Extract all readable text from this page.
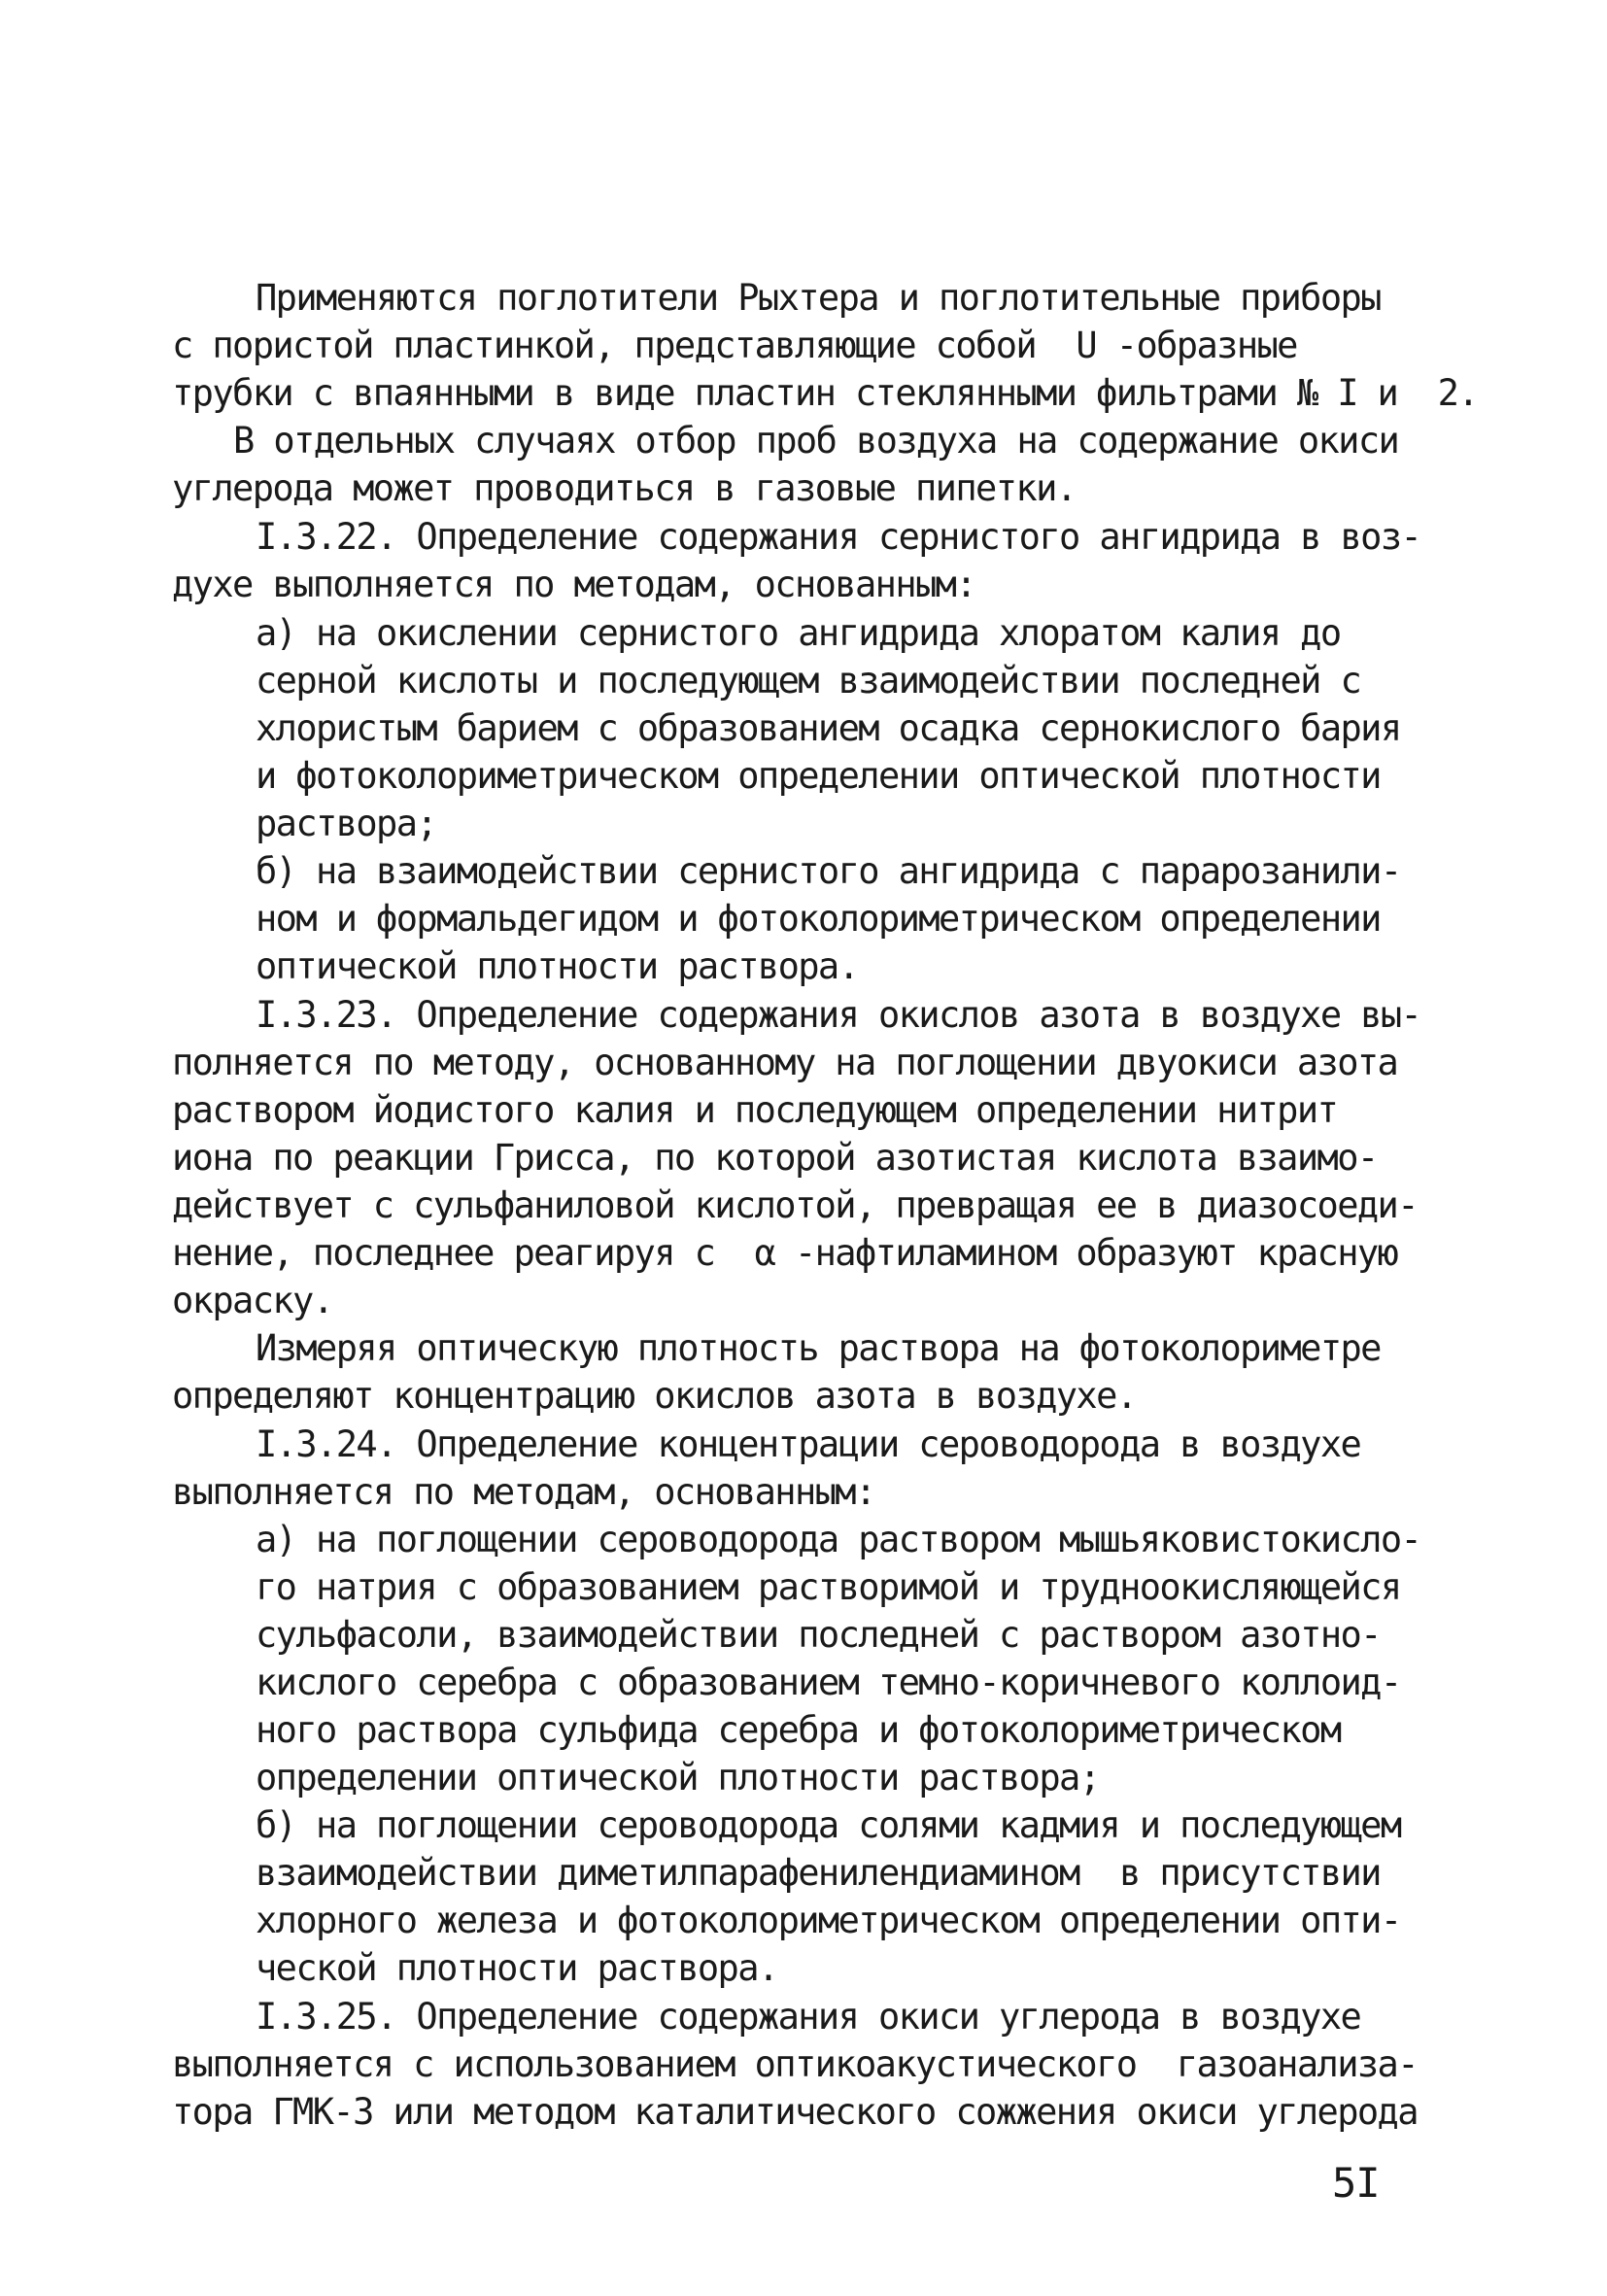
Применяются поглотители Рыхтера и поглотительные приборы
с пористой пластинкой, представляющие собой  U -образные
трубки с впаянными в виде пластин стеклянными фильтрами № I и  2.
В отдельных случаях отбор проб воздуха на содержание окиси
углерода может проводиться в газовые пипетки.
I.3.22. Определение содержания сернистого ангидрида в воз-
духе выполняется по методам, основанным:
а) на окислении сернистого ангидрида хлоратом калия до
серной кислоты и последующем взаимодействии последней с
хлористым барием с образованием осадка сернокислого бария
и фотоколориметрическом определении оптической плотности
раствора;
б) на взаимодействии сернистого ангидрида с парарозанили-
ном и формальдегидом и фотоколориметрическом определении
оптической плотности раствора.
I.3.23. Определение содержания окислов азота в воздухе вы-
полняется по методу, основанному на поглощении двуокиси азота
раствором йодистого калия и последующем определении нитрит
иона по реакции Грисса, по которой азотистая кислота взаимо-
действует с сульфаниловой кислотой, превращая ее в диазосоеди-
нение, последнее реагируя с  α -нафтиламином образуют красную
окраску.
Измеряя оптическую плотность раствора на фотоколориметре
определяют концентрацию окислов азота в воздухе.
I.3.24. Определение концентрации сероводорода в воздухе
выполняется по методам, основанным:
а) на поглощении сероводорода раствором мышьяковистокисло-
го натрия с образованием растворимой и трудноокисляющейся
сульфасоли, взаимодействии последней с раствором азотно-
кислого серебра с образованием темно-коричневого коллоид-
ного раствора сульфида серебра и фотоколориметрическом
определении оптической плотности раствора;
б) на поглощении сероводорода солями кадмия и последующем
взаимодействии диметилпарафенилендиамином  в присутствии
хлорного железа и фотоколориметрическом определении опти-
ческой плотности раствора.
I.3.25. Определение содержания окиси углерода в воздухе
выполняется с использованием оптикоакустического  газоанализа-
тора ГМК-3 или методом каталитического сожжения окиси углерода
5I
